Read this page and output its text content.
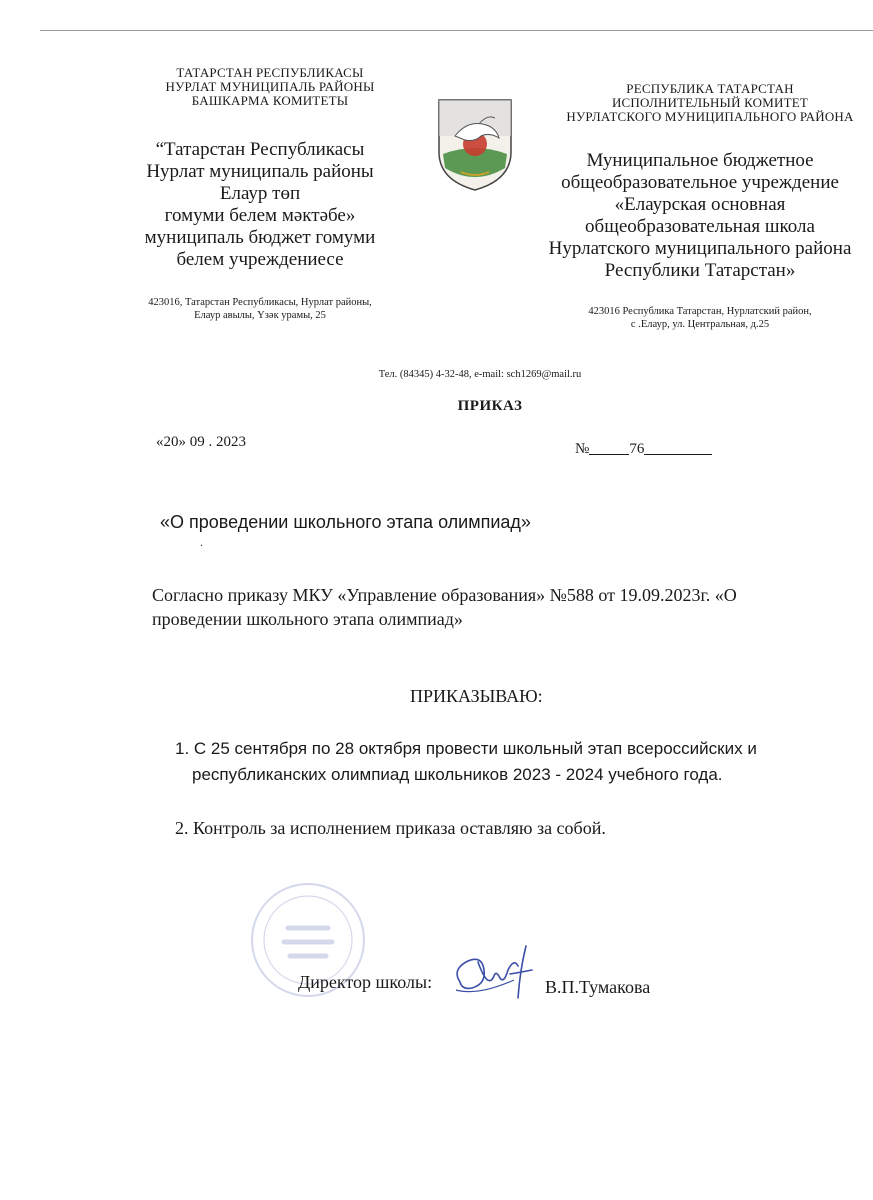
ТАТАРСТАН РЕСПУБЛИКАСЫ
НУРЛАТ МУНИЦИПАЛЬ РАЙОНЫ
БАШКАРМА КОМИТЕТЫ
“Татарстан Республикасы
Нурлат муниципаль районы
Елаур төп
гомуми белем мәктәбе»
муниципаль бюджет гомуми
белем учреждениесе
423016, Татарстан Республикасы, Нурлат районы,
Елаур авылы, Үзәк урамы, 25
РЕСПУБЛИКА ТАТАРСТАН
ИСПОЛНИТЕЛЬНЫЙ КОМИТЕТ
НУРЛАТСКОГО МУНИЦИПАЛЬНОГО РАЙОНА
Муниципальное бюджетное
общеобразовательное учреждение
«Елаурская основная
общеобразовательная школа
Нурлатского муниципального района
Республики Татарстан»
423016 Республика Татарстан, Нурлатский район,
с .Елаур, ул. Центральная, д.25
Тел. (84345) 4-32-48, e-mail: sch1269@mail.ru
ПРИКАЗ
«20» 09 . 2023	№	76
«О проведении школьного этапа олимпиад»
.
Согласно приказу МКУ «Управление образования» №588 от 19.09.2023г. «О
проведении школьного этапа олимпиад»
ПРИКАЗЫВАЮ:
1. С 25 сентября по 28 октября провести школьный этап всероссийских и
республиканских олимпиад школьников 2023 - 2024 учебного года.
2. Контроль за исполнением приказа оставляю за собой.
Директор школы:	В.П.Тумакова
